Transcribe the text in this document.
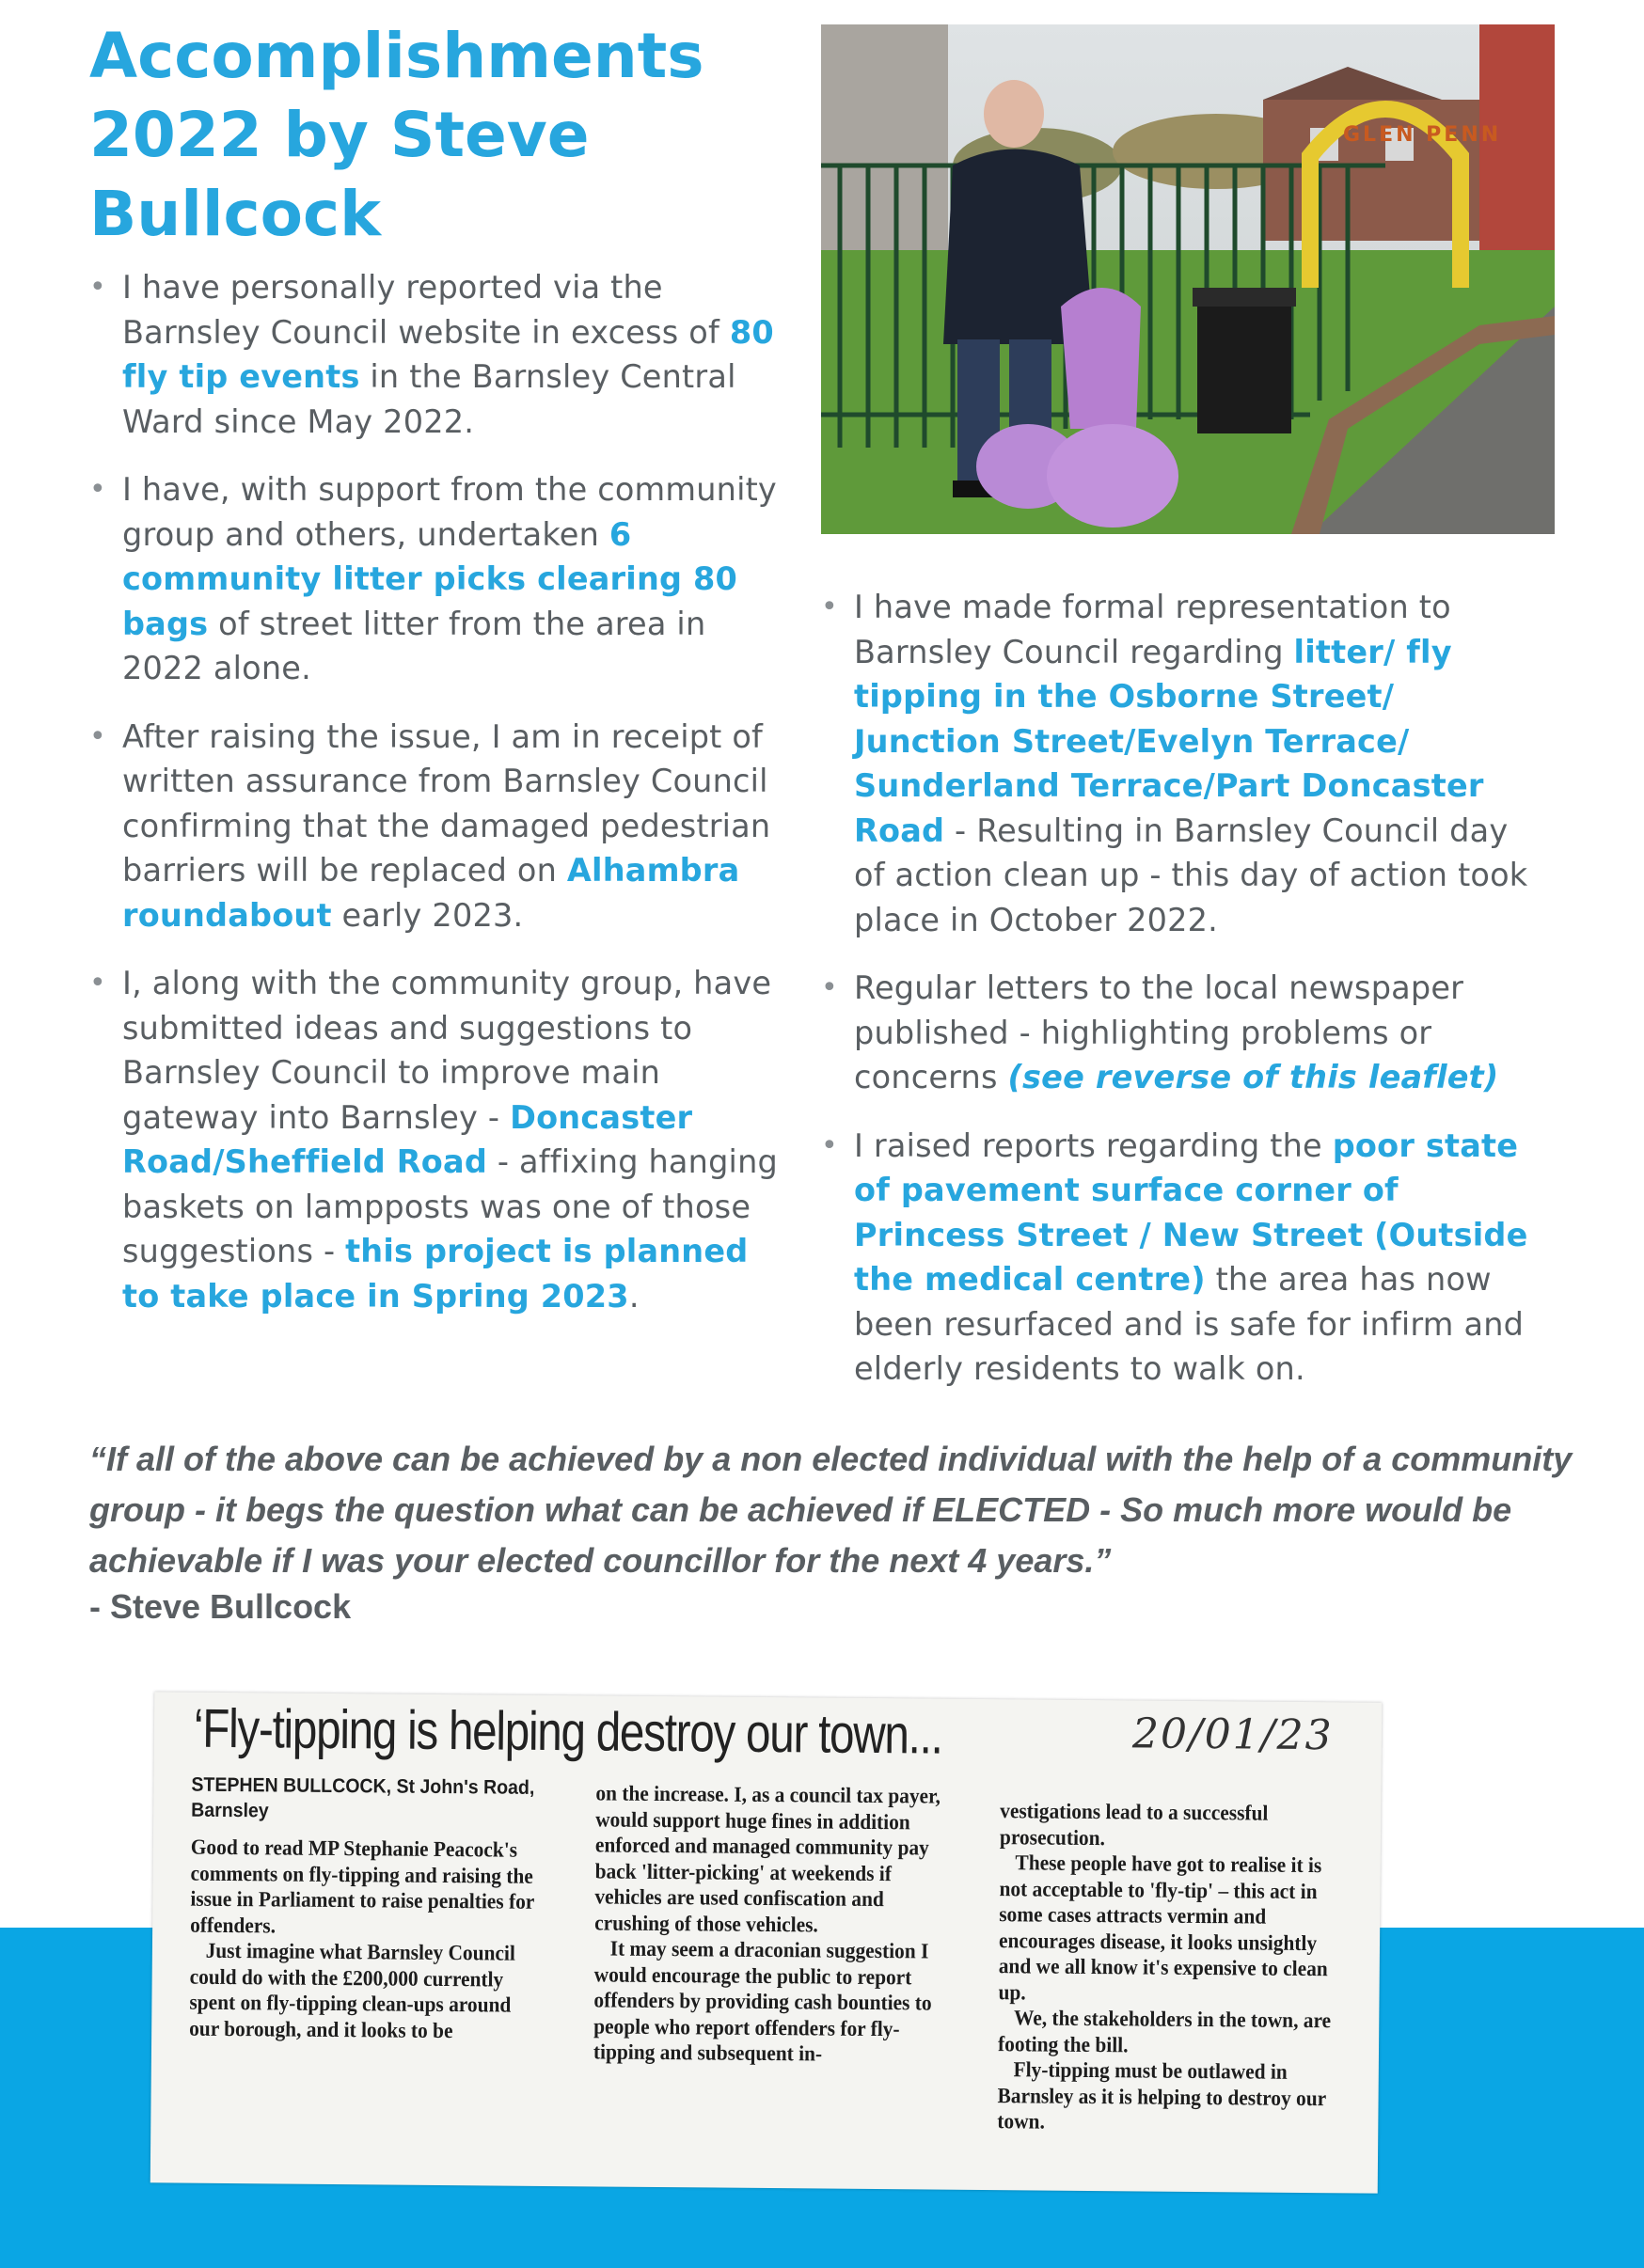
Accomplishments 2022 by Steve Bullcock

• I have personally reported via the Barnsley Council website in excess of 80 fly tip events in the Barnsley Central Ward since May 2022.

• I have, with support from the community group and others, undertaken 6 community litter picks clearing 80 bags of street litter from the area in 2022 alone.

• After raising the issue, I am in receipt of written assurance from Barnsley Council confirming that the damaged pedestrian barriers will be replaced on Alhambra roundabout early 2023.

• I, along with the community group, have submitted ideas and suggestions to Barnsley Council to improve main gateway into Barnsley - Doncaster Road/Sheffield Road - affixing hanging baskets on lampposts was one of those suggestions - this project is planned to take place in Spring 2023.

GLEN PENN

• I have made formal representation to Barnsley Council regarding litter/ fly tipping in the Osborne Street/ Junction Street/Evelyn Terrace/ Sunderland Terrace/Part Doncaster Road - Resulting in Barnsley Council day of action clean up - this day of action took place in October 2022.

• Regular letters to the local newspaper published - highlighting problems or concerns (see reverse of this leaflet)

• I raised reports regarding the poor state of pavement surface corner of Princess Street / New Street (Outside the medical centre) the area has now been resurfaced and is safe for infirm and elderly residents to walk on.

“If all of the above can be achieved by a non elected individual with the help of a community group - it begs the question what can be achieved if ELECTED - So much more would be achievable if I was your elected councillor for the next 4 years.”

- Steve Bullcock
‘Fly-tipping is helping destroy our town...	20/01/23
STEPHEN BULLCOCK, St John's Road, Barnsley

Good to read MP Stephanie Peacock's comments on fly-tipping and raising the issue in Parliament to raise penalties for offenders.

Just imagine what Barnsley Council could do with the £200,000 currently spent on fly-tipping clean-ups around our borough, and it looks to be

on the increase. I, as a council tax payer, would support huge fines in addition enforced and managed community pay back 'litter-picking' at weekends if vehicles are used confiscation and crushing of those vehicles.

It may seem a draconian suggestion I would encourage the public to report offenders by providing cash bounties to people who report offenders for fly-tipping and subsequent in-

vestigations lead to a successful prosecution.

These people have got to realise it is not acceptable to 'fly-tip' – this act in some cases attracts vermin and encourages disease, it looks unsightly and we all know it's expensive to clean up.

We, the stakeholders in the town, are footing the bill.

Fly-tipping must be outlawed in Barnsley as it is helping to destroy our town.
